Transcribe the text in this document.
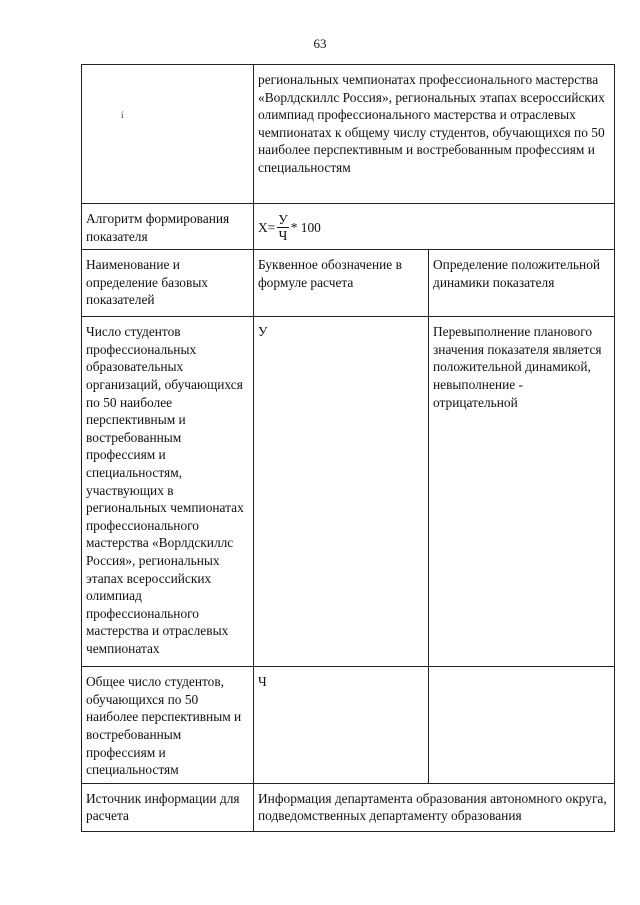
63
í
	региональных чемпионатах профессионального мастерства «Ворлдскиллс Россия», региональных этапах всероссийских олимпиад профессионального мастерства и отраслевых чемпионатах к общему числу студентов, обучающихся по 50 наиболее перспективным и востребованным профессиям и специальностям	
Алгоритм формирования показателя	$X= \frac{У}{Ч} * 100$	

Наименование и определение базовых показателей	Буквенное обозначение в формуле расчета	Определение положительной динамики показателя
Число студентов профессиональных образовательных организаций, обучающихся по 50 наиболее перспективным и востребованным профессиям и специальностям, участвующих в региональных чемпионатах профессионального мастерства «Ворлдскиллс Россия», региональных этапах всероссийских олимпиад профессионального мастерства и отраслевых чемпионатах	У	Перевыполнение планового значения показателя является положительной динамикой, невыполнение - отрицательной
Общее число студентов, обучающихся по 50 наиболее перспективным и востребованным профессиям и специальностям	Ч	
Источник информации для расчета	Информация департамента образования автономного округа, подведомственных департаменту образования	
